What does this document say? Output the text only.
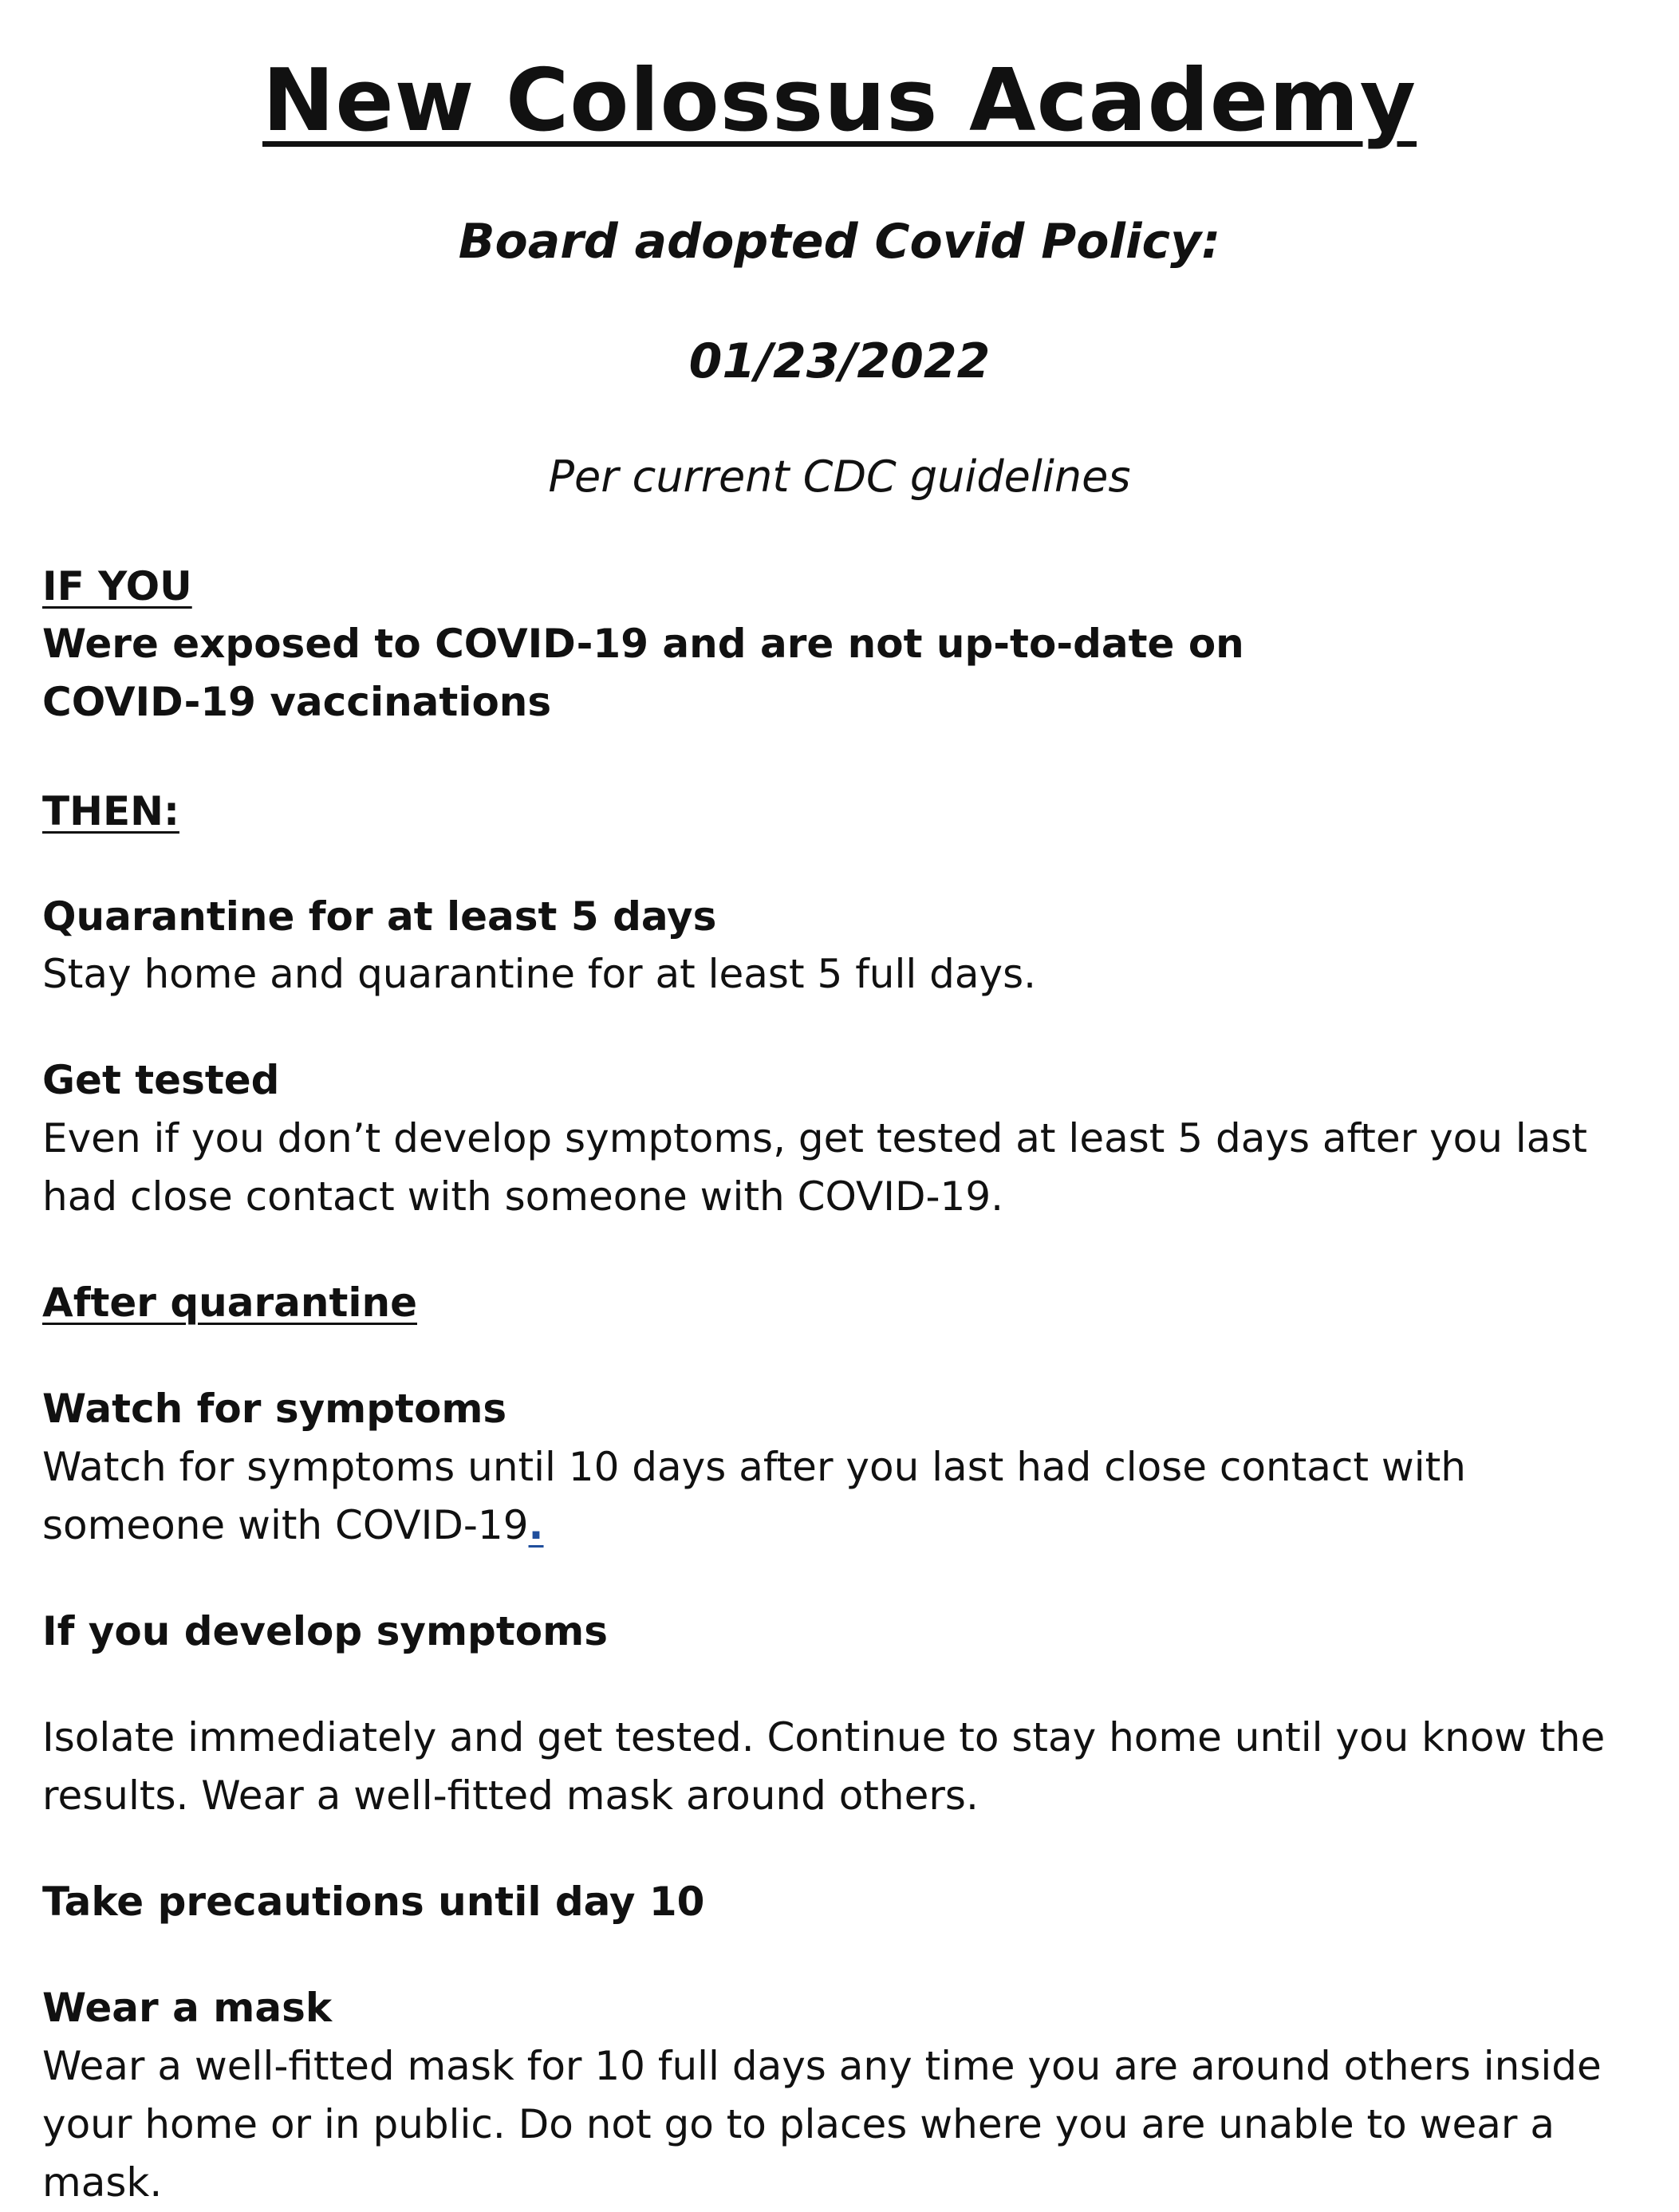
New Colossus Academy
Board adopted Covid Policy:
01/23/2022
Per current CDC guidelines
IF YOU
Were exposed to COVID-19 and are not up-to-date on COVID-19 vaccinations
THEN:
Quarantine for at least 5 days
Stay home and quarantine for at least 5 full days.
Get tested
Even if you don’t develop symptoms, get tested at least 5 days after you last had close contact with someone with COVID-19.
After quarantine
Watch for symptoms
Watch for symptoms until 10 days after you last had close contact with someone with COVID-19.
If you develop symptoms
Isolate immediately and get tested. Continue to stay home until you know the results. Wear a well-fitted mask around others.
Take precautions until day 10
Wear a mask
Wear a well-fitted mask for 10 full days any time you are around others inside your home or in public. Do not go to places where you are unable to wear a mask.
